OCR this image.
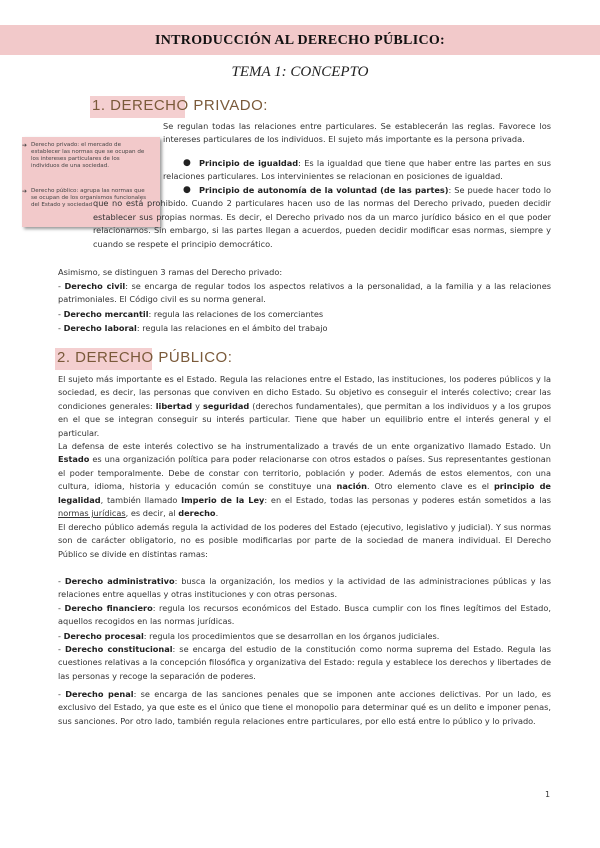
INTRODUCCIÓN AL DERECHO PÚBLICO:
TEMA 1: CONCEPTO
1. DERECHO PRIVADO:
➔ Derecho privado: el mercado de establecer las normas que se ocupan de los intereses particulares de los individuos de una sociedad.
➔ Derecho público: agrupa las normas que se ocupan de los organismos funcionales del Estado y sociedad
Se regulan todas las relaciones entre particulares. Se establecerán las reglas. Favorece los intereses particulares de los individuos. El sujeto más importante es la persona privada.
● Principio de igualdad: Es la igualdad que tiene que haber entre las partes en sus relaciones particulares. Los intervinientes se relacionan en posiciones de igualdad.
● Principio de autonomía de la voluntad (de las partes): Se puede hacer todo lo que no está prohibido. Cuando 2 particulares hacen uso de las normas del Derecho privado, pueden decidir establecer sus propias normas. Es decir, el Derecho privado nos da un marco jurídico básico en el que poder relacionarnos. Sin embargo, si las partes llegan a acuerdos, pueden decidir modificar esas normas, siempre y cuando se respete el principio democrático.
Asimismo, se distinguen 3 ramas del Derecho privado:
- Derecho civil: se encarga de regular todos los aspectos relativos a la personalidad, a la familia y a las relaciones patrimoniales. El Código civil es su norma general.
- Derecho mercantil: regula las relaciones de los comerciantes
- Derecho laboral: regula las relaciones en el ámbito del trabajo
2. DERECHO PÚBLICO:
El sujeto más importante es el Estado. Regula las relaciones entre el Estado, las instituciones, los poderes públicos y la sociedad, es decir, las personas que conviven en dicho Estado. Su objetivo es conseguir el interés colectivo; crear las condiciones generales: libertad y seguridad (derechos fundamentales), que permitan a los individuos y a los grupos en el que se integran conseguir su interés particular. Tiene que haber un equilibrio entre el interés general y el particular.
La defensa de este interés colectivo se ha instrumentalizado a través de un ente organizativo llamado Estado. Un Estado es una organización política para poder relacionarse con otros estados o países. Sus representantes gestionan el poder temporalmente. Debe de constar con territorio, población y poder. Además de estos elementos, con una cultura, idioma, historia y educación común se constituye una nación. Otro elemento clave es el principio de legalidad, también llamado Imperio de la Ley: en el Estado, todas las personas y poderes están sometidos a las normas jurídicas, es decir, al derecho.
El derecho público además regula la actividad de los poderes del Estado (ejecutivo, legislativo y judicial). Y sus normas son de carácter obligatorio, no es posible modificarlas por parte de la sociedad de manera individual. El Derecho Público se divide en distintas ramas:
- Derecho administrativo: busca la organización, los medios y la actividad de las administraciones públicas y las relaciones entre aquellas y otras instituciones y con otras personas.
- Derecho financiero: regula los recursos económicos del Estado. Busca cumplir con los fines legítimos del Estado, aquellos recogidos en las normas jurídicas.
- Derecho procesal: regula los procedimientos que se desarrollan en los órganos judiciales.
- Derecho constitucional: se encarga del estudio de la constitución como norma suprema del Estado. Regula las cuestiones relativas a la concepción filosófica y organizativa del Estado: regula y establece los derechos y libertades de las personas y recoge la separación de poderes.
- Derecho penal: se encarga de las sanciones penales que se imponen ante acciones delictivas. Por un lado, es exclusivo del Estado, ya que este es el único que tiene el monopolio para determinar qué es un delito e imponer penas, sus sanciones. Por otro lado, también regula relaciones entre particulares, por ello está entre lo público y lo privado.
1
